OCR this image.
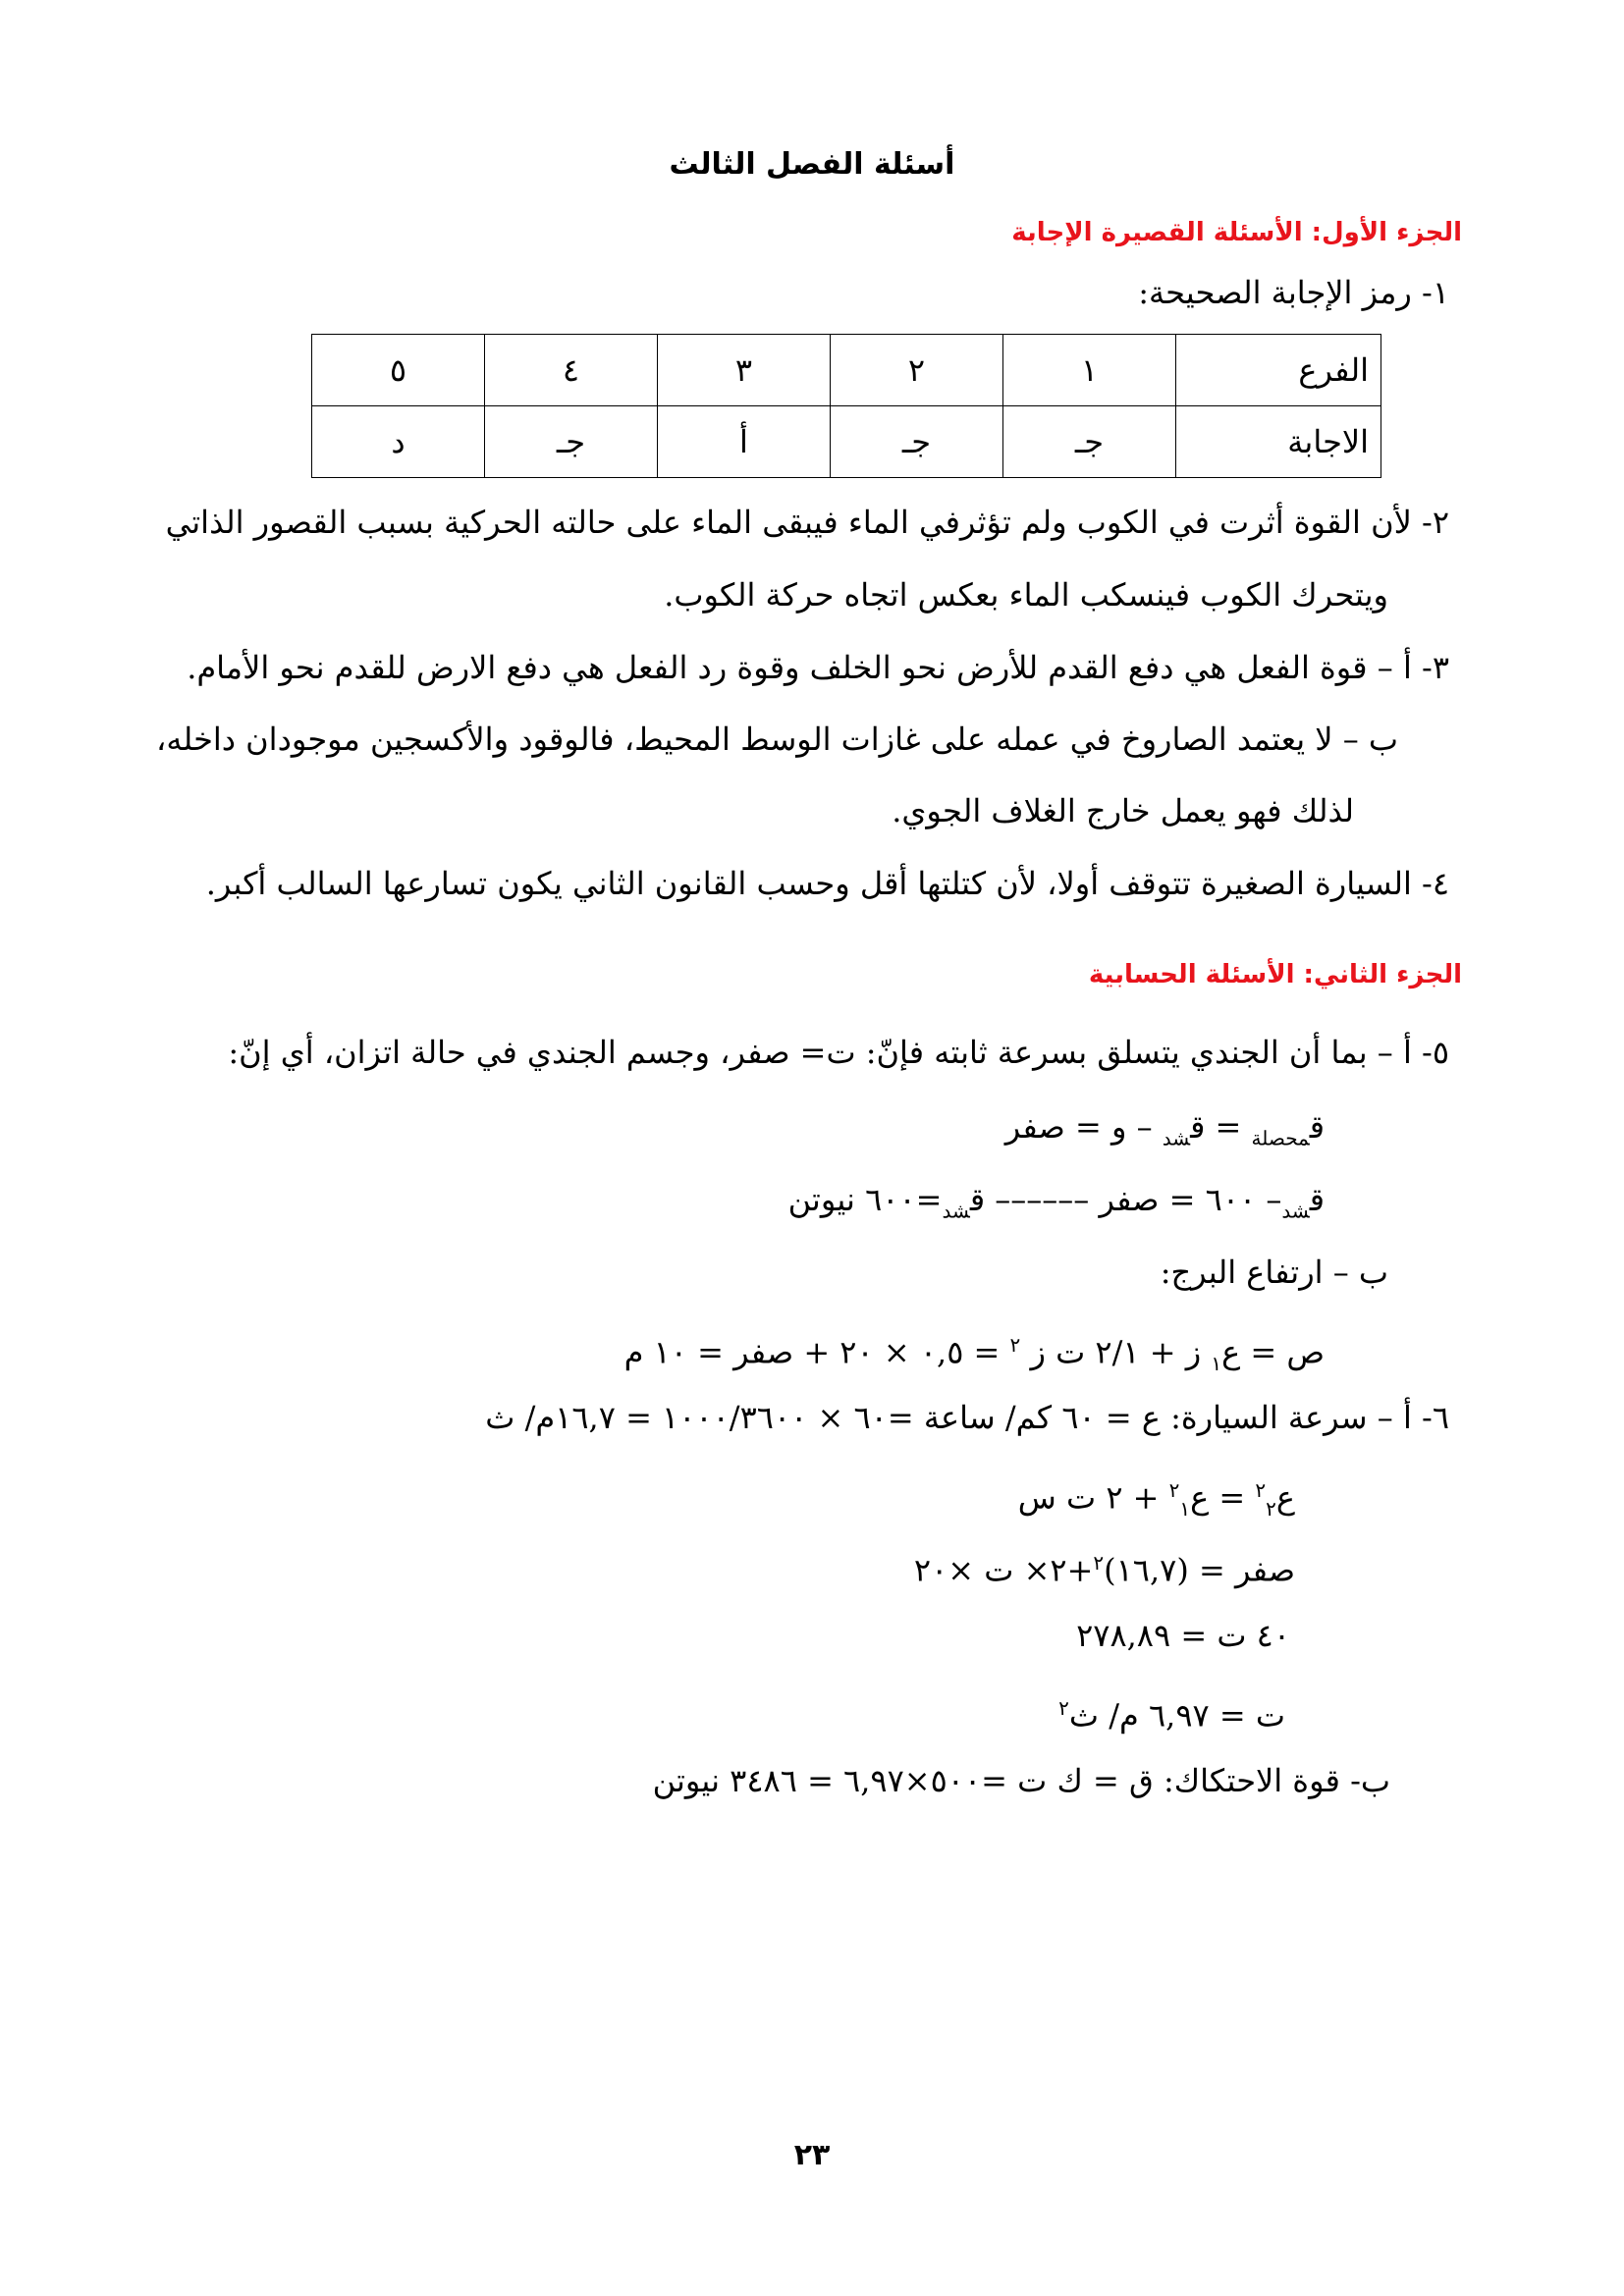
أسئلة الفصل الثالث
الجزء الأول: الأسئلة القصيرة الإجابة
١- رمز الإجابة الصحيحة:
الفرع	١	٢	٣	٤	٥
الاجابة	جـ	جـ	أ	جـ	د
٢- لأن القوة أثرت في الكوب ولم تؤثرفي الماء فيبقى الماء على حالته الحركية بسبب القصور الذاتي
ويتحرك الكوب فينسكب الماء بعكس اتجاه حركة الكوب.
٣- أ – قوة الفعل هي دفع القدم للأرض نحو الخلف وقوة رد الفعل هي دفع الارض للقدم نحو الأمام.
ب – لا يعتمد الصاروخ في عمله على غازات الوسط المحيط، فالوقود والأكسجين موجودان داخله،
لذلك فهو يعمل خارج الغلاف الجوي.
٤- السيارة الصغيرة تتوقف أولا، لأن كتلتها أقل وحسب القانون الثاني يكون تسارعها السالب أكبر.
الجزء الثاني: الأسئلة الحسابية
٥- أ – بما أن الجندي يتسلق بسرعة ثابته فإنّ: ت= صفر، وجسم الجندي في حالة اتزان، أي إنّ:
ق$_{محصلة}$ = ق$_{شد}$ – و = صفر
ق$_{شد}$– ٦٠٠ = صفر –––––– ق$_{شد}$=٦٠٠ نيوتن
ب – ارتفاع البرج:
ص = ع$_١$ ز + ٢/١ ت ز $^٢$ = ٠,٥ × ٢٠ + صفر = ١٠ م
٦- أ – سرعة السيارة: ع = ٦٠ كم/ ساعة =٦٠ × ١٠٠٠/٣٦٠٠ = ١٦,٧م/ ث
ع$^٢_٢$ = ع$^٢_١$ + ٢ ت س
صفر = (١٦,٧)$^٢$+٢× ت ×٢٠
٤٠ ت = ٢٧٨,٨٩
ت = ٦,٩٧ م/ ث$^٢$
ب- قوة الاحتكاك: ق = ك ت =٥٠٠×٦,٩٧ = ٣٤٨٦ نيوتن
٢٣
